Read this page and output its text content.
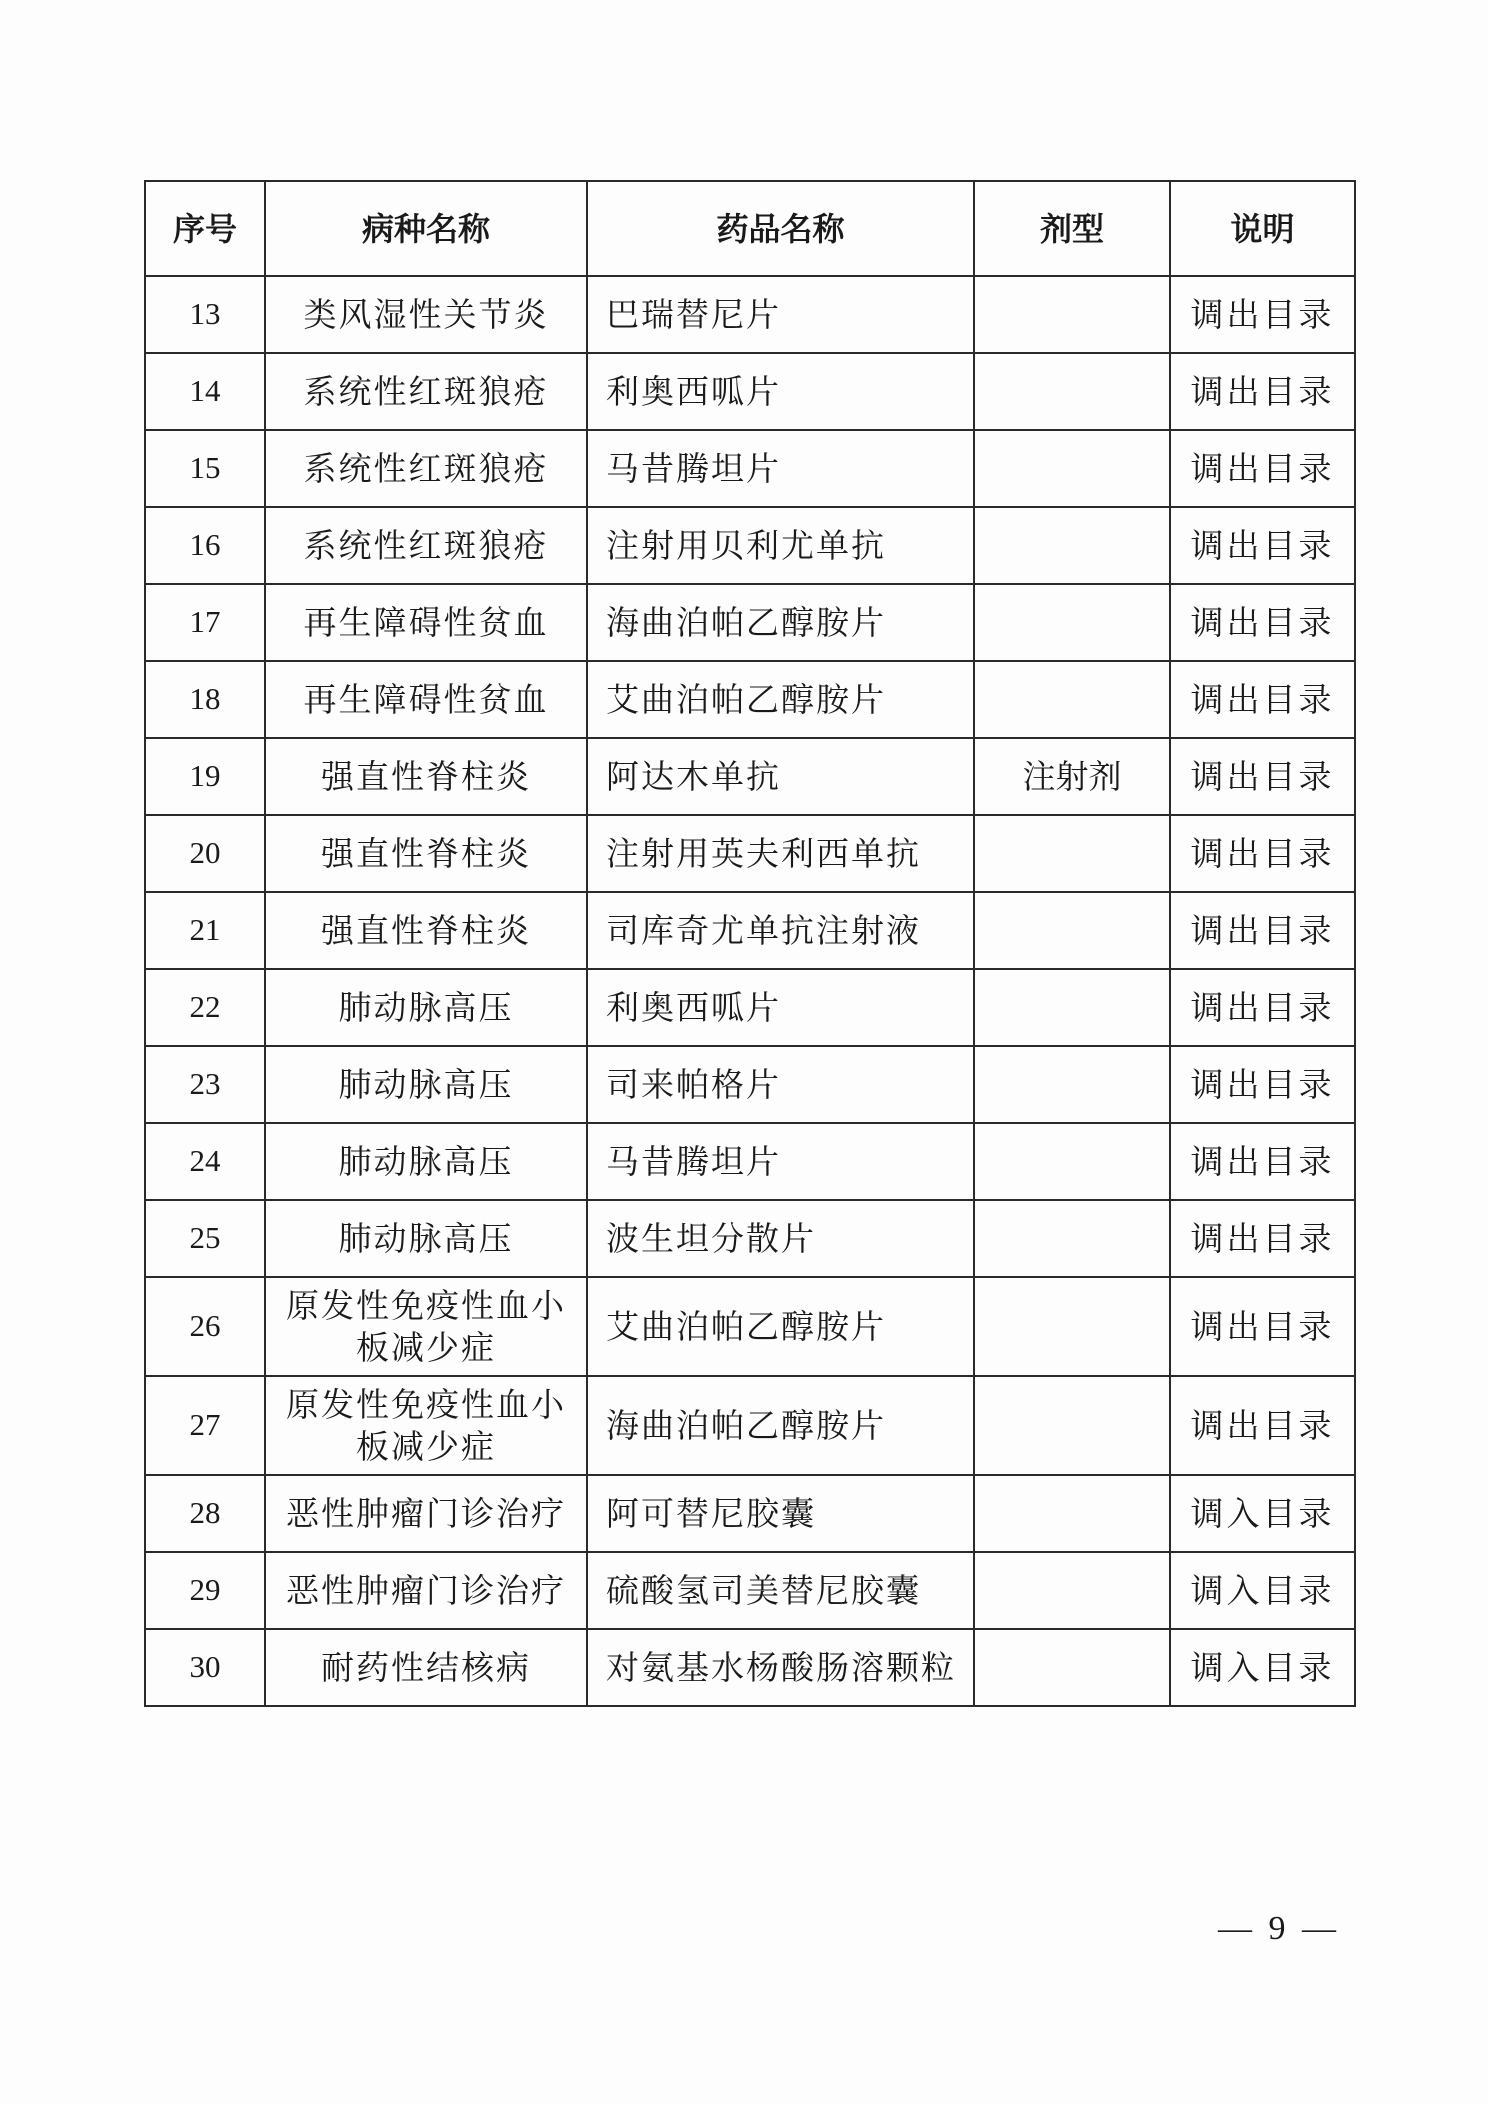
序号	病种名称	药品名称	剂型	说明
13	类风湿性关节炎	巴瑞替尼片		调出目录
14	系统性红斑狼疮	利奥西呱片		调出目录
15	系统性红斑狼疮	马昔腾坦片		调出目录
16	系统性红斑狼疮	注射用贝利尤单抗		调出目录
17	再生障碍性贫血	海曲泊帕乙醇胺片		调出目录
18	再生障碍性贫血	艾曲泊帕乙醇胺片		调出目录
19	强直性脊柱炎	阿达木单抗	注射剂	调出目录
20	强直性脊柱炎	注射用英夫利西单抗		调出目录
21	强直性脊柱炎	司库奇尤单抗注射液		调出目录
22	肺动脉高压	利奥西呱片		调出目录
23	肺动脉高压	司来帕格片		调出目录
24	肺动脉高压	马昔腾坦片		调出目录
25	肺动脉高压	波生坦分散片		调出目录
26	原发性免疫性血小
板减少症	艾曲泊帕乙醇胺片		调出目录
27	原发性免疫性血小
板减少症	海曲泊帕乙醇胺片		调出目录
28	恶性肿瘤门诊治疗	阿可替尼胶囊		调入目录
29	恶性肿瘤门诊治疗	硫酸氢司美替尼胶囊		调入目录
30	耐药性结核病	对氨基水杨酸肠溶颗粒		调入目录
— 9 —
